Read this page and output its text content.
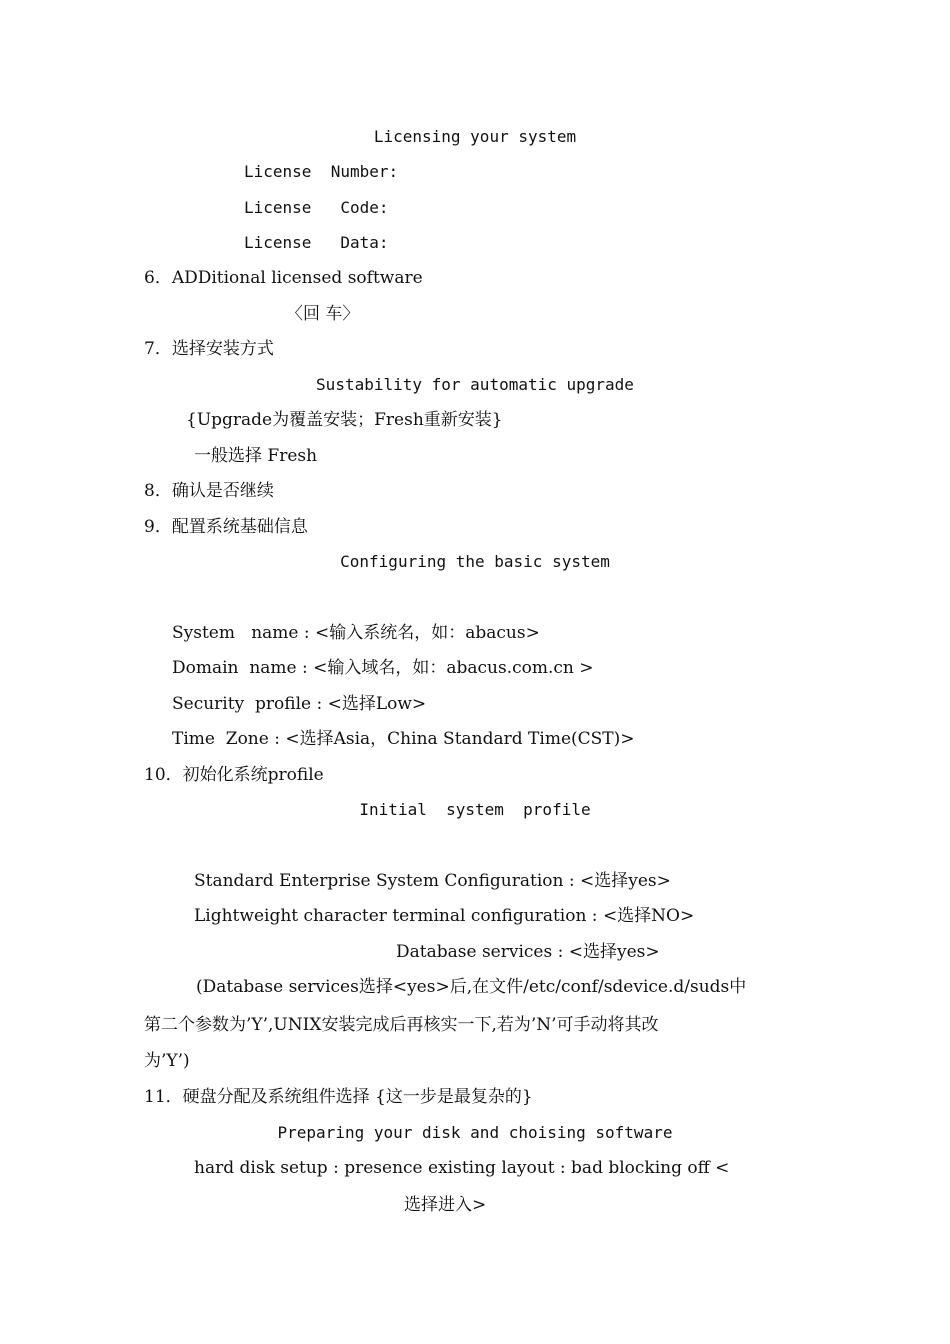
Licensing your system
License  Number:
License   Code:
License   Data:
6．ADDitional licensed software
〈回 车〉
7．选择安装方式
Sustability for automatic upgrade
{Upgrade为覆盖安装；Fresh重新安装}
一般选择 Fresh
8．确认是否继续
9．配置系统基础信息
Configuring the basic system
System   name : <输入系统名，如：abacus>
Domain  name : <输入域名，如：abacus.com.cn >
Security  profile : <选择Low>
Time  Zone : <选择Asia，China Standard Time(CST)>
10．初始化系统profile
Initial  system  profile
Standard Enterprise System Configuration : <选择yes>
Lightweight character terminal configuration : <选择NO>
Database services : <选择yes>
(Database services选择<yes>后,在文件/etc/conf/sdevice.d/suds中
第二个参数为’Y’,UNIX安装完成后再核实一下,若为’N’可手动将其改
为’Y’)
11．硬盘分配及系统组件选择 {这一步是最复杂的}
Preparing your disk and choising software
hard disk setup : presence existing layout : bad blocking off <
选择进入>
